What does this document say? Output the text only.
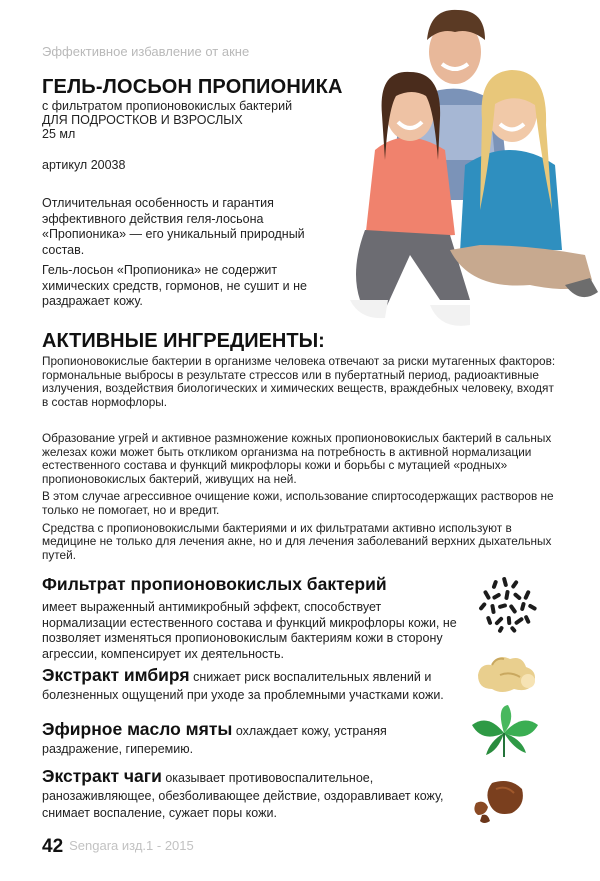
Эффективное избавление от акне
ГЕЛЬ-ЛОСЬОН ПРОПИОНИКА
с фильтратом пропионовокислых бактерий
ДЛЯ ПОДРОСТКОВ И ВЗРОСЛЫХ
25 мл
артикул 20038

Отличительная особенность и гарантия эффективного действия геля-лосьона «Пропионика» — его уникальный природный состав.

Гель-лосьон «Пропионика» не содержит химических средств, гормонов, не сушит и не раздражает кожу.

АКТИВНЫЕ ИНГРЕДИЕНТЫ:
Пропионовокислые бактерии в организме человека отвечают за риски мутагенных факторов: гормональные выбросы в результате стрессов или в пубертатный период, радиоактивные излучения, воздействия биологических и химических веществ, враждебных человеку, входят в состав нормофлоры.

Образование угрей и активное размножение кожных пропионовокислых бактерий в сальных железах кожи может быть откликом организма на потребность в активной нормализации естественного состава и функций микрофлоры кожи и борьбы с мутацией «родных» пропионовокислых бактерий, живущих на ней.

В этом случае агрессивное очищение кожи, использование спиртосодержащих растворов не только не помогает, но и вредит.

Средства с пропионовокислыми бактериями и их фильтратами активно используют в медицине не только для лечения акне, но и для лечения заболеваний верхних дыхательных путей.

Фильтрат пропионовокислых бактерий
имеет выраженный антимикробный эффект, способствует нормализации естественного состава и функций микрофлоры кожи, не позволяет изменяться пропионовокислым бактериям кожи в сторону агрессии, компенсирует их деятельность.
Экстракт имбиря снижает риск воспалительных явлений и болезненных ощущений при уходе за проблемными участками кожи.
Эфирное масло мяты охлаждает кожу, устраняя раздражение, гиперемию.
Экстракт чаги оказывает противовоспалительное, ранозаживляющее, обезболивающее действие, оздоравливает кожу, снимает воспаление, сужает поры кожи.
42 Sengara изд.1 - 2015
